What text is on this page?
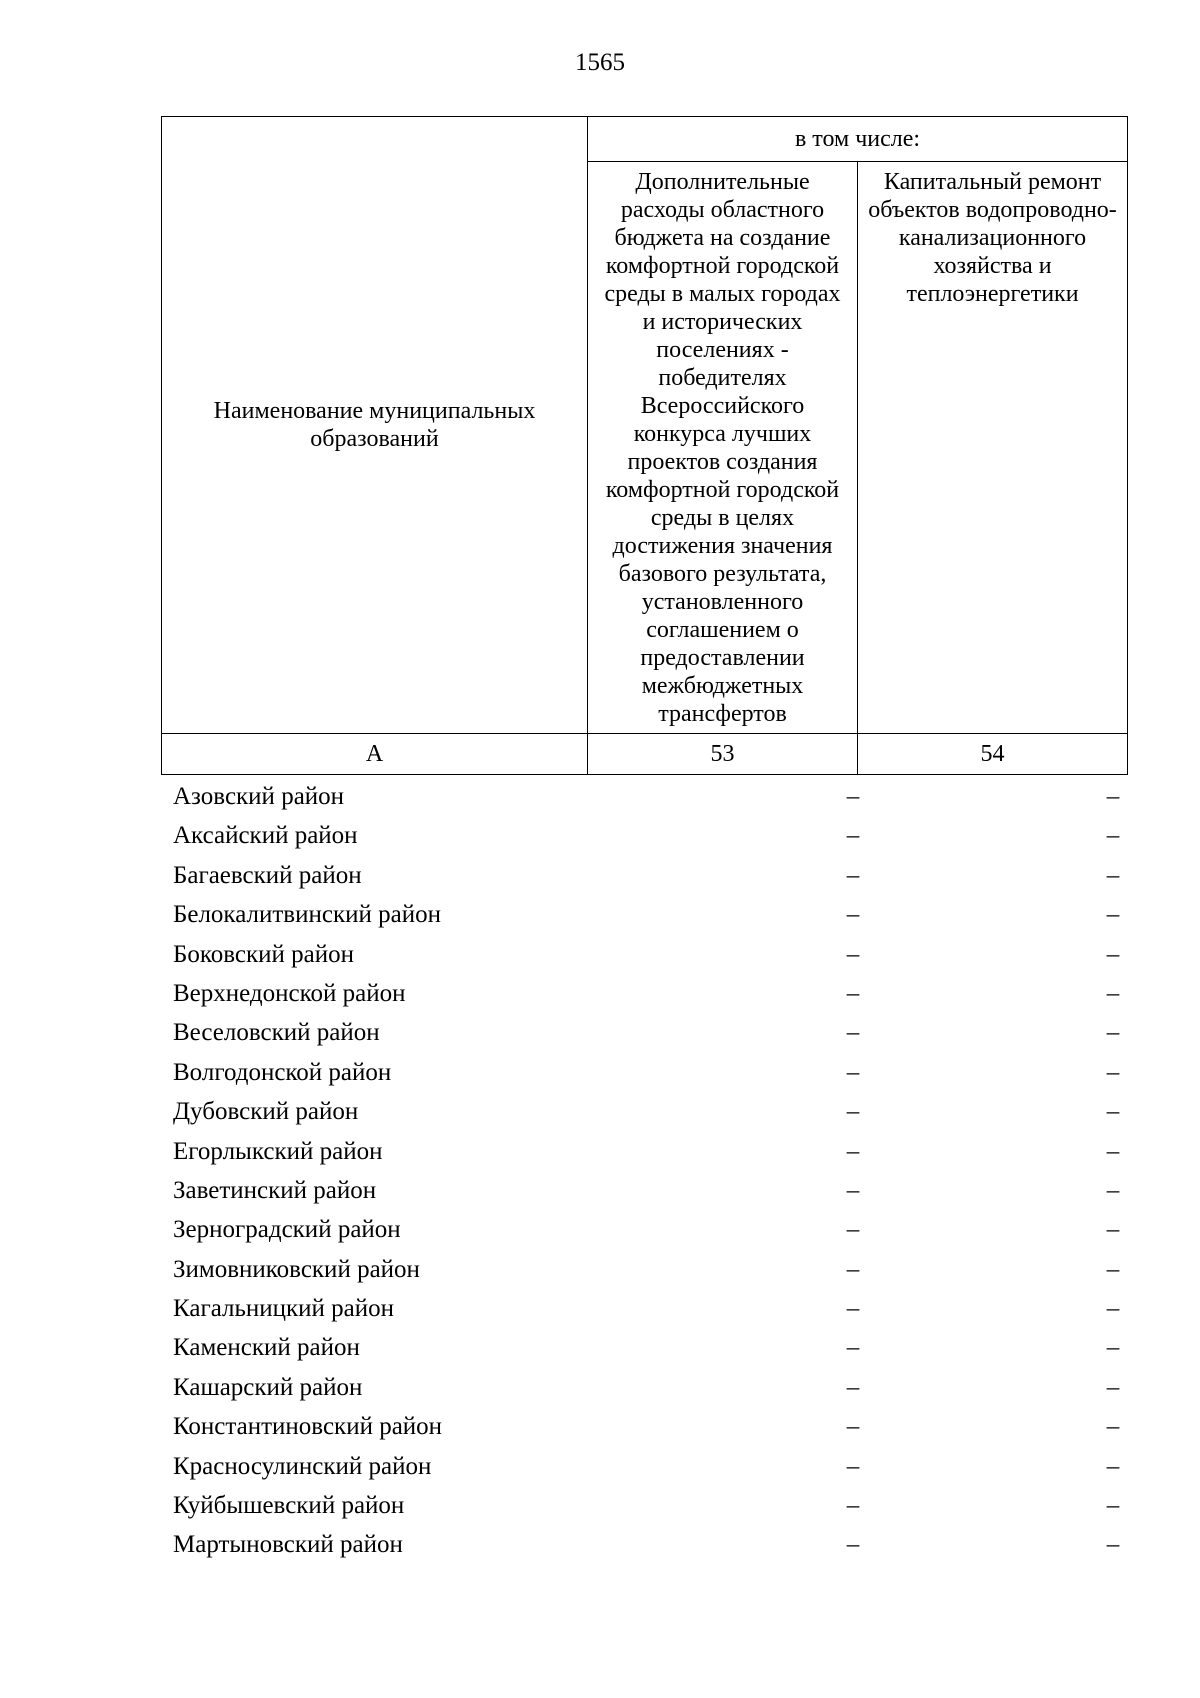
1565
Наименование муниципальных образований	в том числе:	

	Дополнительные расходы областного бюджета на создание комфортной городской среды в малых городах и исторических поселениях - победителях Всероссийского конкурса лучших проектов создания комфортной городской среды в целях достижения значения базового результата, установленного соглашением о предоставлении межбюджетных трансфертов	Капитальный ремонт объектов водопроводно-канализационного хозяйства и теплоэнергетики

А	53	54
Азовский район	–	–
Аксайский район	–	–
Багаевский район	–	–
Белокалитвинский район	–	–
Боковский район	–	–
Верхнедонской район	–	–
Веселовский район	–	–
Волгодонской район	–	–
Дубовский район	–	–
Егорлыкский район	–	–
Заветинский район	–	–
Зерноградский район	–	–
Зимовниковский район	–	–
Кагальницкий район	–	–
Каменский район	–	–
Кашарский район	–	–
Константиновский район	–	–
Красносулинский район	–	–
Куйбышевский район	–	–
Мартыновский район	–	–
